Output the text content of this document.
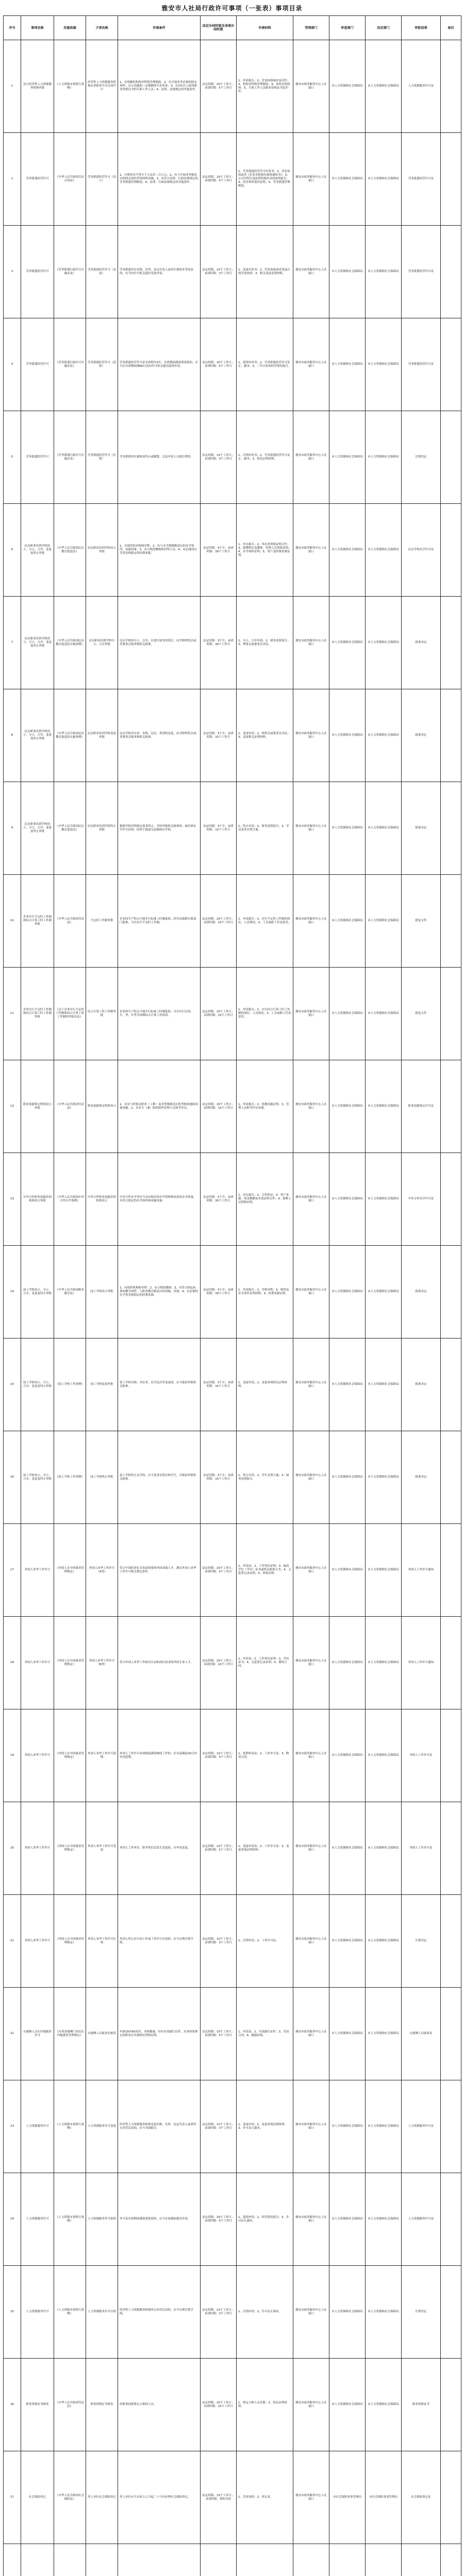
雅安市人社局行政许可事项（一张表）事项目录
序号	事项名称	实施依据	子项名称	申请条件	法定办结时限及承诺办结时限	申请材料	受理部门	审查部门	决定部门	审批结果	备注
1	设立经营性人力资源服务机构审批	《人力资源市场暂行条例》	经营性人力资源服务机构从事职业中介活动许可	1、有明确的机构章程和管理制度；2、有开展业务必备的固定场所、办公设施和一定数额的开办资金；3、有3名以上取得职业资格证书的专职工作人员；4、法律、法规规定的其他条件。	法定时限：20个工作日；承诺时限：5个工作日	1、申请报告；2、营业执照副本复印件；3、机构章程和管理制度；4、场所证明材料；5、专职工作人员职业资格证书复印件。	雅安市政务服务中心人社窗口	市人力资源和社会保障局	市人力资源和社会保障局	人力资源服务许可证	
2	劳务派遣经营许可	《中华人民共和国劳动合同法》	劳务派遣经营许可（设立）	1、注册资本不得少于人民币二百万元；2、有与开展业务相适应的固定的经营场所和设施；3、有符合法律、行政法规规定的劳务派遣管理制度；4、法律、行政法规规定的其他条件。	法定时限：20个工作日；承诺时限：5个工作日	1、劳务派遣经营许可申请书；2、营业执照或者《企业名称预先核准通知书》；3、公司章程以及验资机构出具的验资报告；4、经营场所使用证明；5、劳务派遣管理制度。	雅安市政务服务中心人社窗口	市人力资源和社会保障局	市人力资源和社会保障局	劳务派遣经营许可证	
3	劳务派遣经营许可	《劳务派遣行政许可实施办法》	劳务派遣经营许可（变更）	劳务派遣单位名称、住所、法定代表人或者注册资本等改变的，应当向许可机关提出变更申请。	法定时限：10个工作日；承诺时限：3个工作日	1、变更申请书；2、营业执照或者变更后的营业执照；3、相关变更证明材料。	雅安市政务服务中心人社窗口	市人力资源和社会保障局	市人力资源和社会保障局	劳务派遣经营许可证	
4	劳务派遣经营许可	《劳务派遣行政许可实施办法》	劳务派遣经营许可（延续）	劳务派遣经营许可证有效期为3年，有效期届满需要延续的，应当在有效期届满60日前向许可机关提出延续申请。	法定时限：20个工作日；承诺时限：5个工作日	1、延续申请书；2、劳务派遣经营许可证正、副本；3、三年以来的经营情况报告。	雅安市政务服务中心人社窗口	市人力资源和社会保障局	市人力资源和社会保障局	劳务派遣经营许可证	
5	劳务派遣经营许可	《劳务派遣行政许可实施办法》	劳务派遣经营许可（注销）	劳务派遣单位被依法终止或解散，以及申请人自愿注销的。	法定时限：10个工作日；承诺时限：3个工作日	1、注销申请书；2、劳务派遣经营许可证正、副本；3、相关证明材料。	雅安市政务服务中心人社窗口	市人力资源和社会保障局	市人力资源和社会保障局	注销决定	
6	民办职业培训学校设立、分立、合并、变更及终止审批	《中华人民共和国民办教育促进法》	民办职业培训学校设立审批	1、有规范的名称和章程；2、有与办学规模相适应的办学场所、设施设备；3、有合格的教师和管理人员；4、有必备的办学资金和稳定的经费来源。	法定时限：3个月；承诺时限：30个工作日	1、申办报告；2、举办者资格证明文件；3、拟聘校长及教师、管理人员资格证明；4、办学场所证明；5、资产及经费来源证明。	雅安市政务服务中心人社窗口	市人力资源和社会保障局	市人力资源和社会保障局	民办学校办学许可证	
7	民办职业培训学校设立、分立、合并、变更及终止审批	《中华人民共和国民办教育促进法实施条例》	民办职业培训学校分立、合并审批	民办学校的分立、合并，在进行财务清算后，由学校理事会或者董事会报审批机关批准。	法定时限：3个月；承诺时限：30个工作日	1、分立、合并申请；2、财务清算报告；3、理事会或董事会决议。	雅安市政务服务中心人社窗口	市人力资源和社会保障局	市人力资源和社会保障局	批准决定	
8	民办职业培训学校设立、分立、合并、变更及终止审批	《中华人民共和国民办教育促进法实施条例》	民办职业培训学校变更审批	民办学校举办者、名称、层次、类别的变更，由学校理事会或者董事会报审批机关批准。	法定时限：3个月；承诺时限：15个工作日	1、变更申请；2、理事会或董事会决议；3、变更相关证明材料。	雅安市政务服务中心人社窗口	市人力资源和社会保障局	市人力资源和社会保障局	批准决定	
9	民办职业培训学校设立、分立、合并、变更及终止审批	《中华人民共和国民办教育促进法》	民办职业培训学校终止审批	根据学校章程规定要求终止，并经审批机关批准的；被吊销办学许可证的；因资不抵债无法继续办学的。	法定时限：3个月；承诺时限：15个工作日	1、终止申请；2、财务清算报告；3、学员妥善安置方案。	雅安市政务服务中心人社窗口	市人力资源和社会保障局	市人力资源和社会保障局	批准决定	
10	企业实行不定时工作制和综合计算工时工作制审批	《中华人民共和国劳动法》	不定时工作制审批	企业因生产特点不能实行标准工时制度的，经劳动保障行政部门批准，可以实行不定时工作制。	法定时限：20个工作日；承诺时限：10个工作日	1、申请报告；2、实行不定时工作制的岗位、人员情况；3、工会或职工代表意见。	雅安市政务服务中心人社窗口	市人力资源和社会保障局	市人力资源和社会保障局	批复文件	
11	企业实行不定时工作制和综合计算工时工作制审批	《关于企业实行不定时工作制和综合计算工时工作制的审批办法》	综合计算工时工作制审批	企业因生产特点不能实行标准工时制度的，可以实行以周、月、季、年等为周期综合计算工作时间。	法定时限：20个工作日；承诺时限：10个工作日	1、申请报告；2、实行综合计算工时工作制的岗位、人员情况；3、工会或职工代表意见。	雅安市政务服务中心人社窗口	市人力资源和社会保障局	市人力资源和社会保障局	批复文件	
12	职业技能鉴定机构设立审批	《中华人民共和国劳动法》	职业技能鉴定机构设立	1、具有与所鉴定职业（工种）及其等级相适应的考核场地和设备设施；2、具有专（兼）职的组织管理人员和考评员。	法定时限：20个工作日；承诺时限：10个工作日	1、申请报告；2、场地设施证明；3、管理人员和考评员名册。	雅安市政务服务中心人社窗口	市人力资源和社会保障局	市人力资源和社会保障局	职业技能鉴定许可证	
13	中外合作职业技能培训机构设立审批	《中华人民共和国中外合作办学条例》	中外合作职业技能培训机构设立	中外合作办学者应当具有相应的办学资格和较高的办学质量，有符合规定的办学场所和设施设备。	法定时限：3个月；承诺时限：30个工作日	1、申办报告；2、合作协议；3、资产来源、资金数额及有效证明文件；4、拟聘人员资格证明。	雅安市政务服务中心人社窗口	市人力资源和社会保障局	市人力资源和社会保障局	中外合作办学许可证	
14	技工学校设立、分立、合并、变更及终止审批	《中华人民共和国职业教育法》	技工学校设立审批	1、有组织机构和章程；2、有合格的教师；3、有符合规定标准的教学场所、与职业教育相适应的设施、设备；4、有必备的办学资金和稳定的经费来源。	法定时限：3个月；承诺时限：30个工作日	1、申请报告；2、学校章程；3、师资及办学条件证明材料；4、经费来源证明。	雅安市政务服务中心人社窗口	市人力资源和社会保障局	市人力资源和社会保障局	批准决定	
15	技工学校设立、分立、合并、变更及终止审批	《技工学校工作条例》	技工学校变更审批	技工学校名称、举办者、办学层次等变更的，应当报原审批机关批准。	法定时限：3个月；承诺时限：15个工作日	1、变更申请；2、变更事项相关证明材料。	雅安市政务服务中心人社窗口	市人力资源和社会保障局	市人力资源和社会保障局	批准决定	
16	技工学校设立、分立、合并、变更及终止审批	《技工学校工作条例》	技工学校终止审批	技工学校终止办学的，应当妥善安置在校学生，并报原审批机关批准。	法定时限：3个月；承诺时限：15个工作日	1、终止申请；2、学生安置方案；3、财务清算报告。	雅安市政务服务中心人社窗口	市人力资源和社会保障局	市人力资源和社会保障局	批准决定	
17	外国人来华工作许可	《外国人在中国就业管理规定》	外国人来华工作许可（A类）	符合中国经济社会发展需要的外国高端人才，满足外国人来华工作许可相关规定条件。	法定时限：20个工作日；承诺时限：5个工作日	1、申请表；2、工作资历证明；3、最高学位（学历）证书或相关批准文书；4、无犯罪记录证明；5、体检证明。	雅安市政务服务中心人社窗口	市人力资源和社会保障局	市人力资源和社会保障局	外国人工作许可通知	
18	外国人来华工作许可	《外国人在中国就业管理规定》	外国人来华工作许可（B类）	符合外国人来华工作指导目录和岗位需求的外国专业人才。	法定时限：20个工作日；承诺时限：10个工作日	1、申请表；2、工作资历证明；3、学历证书；4、无犯罪记录证明；5、聘用合同。	雅安市政务服务中心人社窗口	市人力资源和社会保障局	市人力资源和社会保障局	外国人工作许可通知	
19	外国人来华工作许可	《外国人在中国就业管理规定》	外国人来华工作许可延期	外国人工作许可有效期届满需继续工作的，应在届满前30日内申请延期。	法定时限：10个工作日；承诺时限：5个工作日	1、延期申请表；2、工作许可证；3、聘用合同。	雅安市政务服务中心人社窗口	市人力资源和社会保障局	市人力资源和社会保障局	外国人工作许可证	
20	外国人来华工作许可	《外国人在中国就业管理规定》	外国人来华工作许可变更	外国人工作单位、职务等信息发生变更的，应申请变更。	法定时限：10个工作日；承诺时限：5个工作日	1、变更申请表；2、工作许可证；3、变更事项证明材料。	雅安市政务服务中心人社窗口	市人力资源和社会保障局	市人力资源和社会保障局	外国人工作许可证	
21	外国人来华工作许可	《外国人在中国就业管理规定》	外国人来华工作许可注销	外国人终止在中国工作或工作许可失效的，应当办理注销手续。	法定时限：10个工作日；承诺时限：3个工作日	1、注销申请；2、工作许可证。	雅安市政务服务中心人社窗口	市人力资源和社会保障局	市人力资源和社会保障局	注销决定	
22	台港澳人员在内地就业许可	《台湾香港澳门居民在内地就业管理规定》	台港澳人员就业证核发	年龄18至60周岁，身体健康，持有有效旅行证件，从事国家规定的职业应具备相应资格证明。	法定时限：10个工作日；承诺时限：5个工作日	1、申请表；2、有效旅行证件；3、劳动合同；4、健康证明。	雅安市政务服务中心人社窗口	市人力资源和社会保障局	市人力资源和社会保障局	台港澳人员就业证	
23	人力资源服务许可	《人力资源市场暂行条例》	人力资源服务许可变更	经营性人力资源服务机构变更名称、住所、法定代表人或者终止经营活动的，应当书面报告。	法定时限：10个工作日；承诺时限：3个工作日	1、变更申请；2、变更事项证明材料；3、许可证正副本。	雅安市政务服务中心人社窗口	市人力资源和社会保障局	市人力资源和社会保障局	人力资源服务许可证	
24	人力资源服务许可	《人力资源市场暂行条例》	人力资源服务许可延续	许可证有效期届满需要延续的，应当在届满前提出申请。	法定时限：20个工作日；承诺时限：5个工作日	1、延续申请；2、经营情况报告；3、许可证正副本。	雅安市政务服务中心人社窗口	市人力资源和社会保障局	市人力资源和社会保障局	人力资源服务许可证	
25	人力资源服务许可	《人力资源市场暂行条例》	人力资源服务许可注销	经营性人力资源服务机构终止经营活动的，应当办理注销手续。	法定时限：10个工作日；承诺时限：3个工作日	1、注销申请；2、许可证正副本。	雅安市政务服务中心人社窗口	市人力资源和社会保障局	市人力资源和社会保障局	注销决定	
26	职业资格证书核发	《中华人民共和国劳动法》	职业资格证书核发	经职业技能鉴定合格的人员。	法定时限：20个工作日；承诺时限：10个工作日	1、鉴定合格人员名册；2、相关证明材料。	雅安市政务服务中心人社窗口	市人力资源和社会保障局	市人力资源和社会保障局	职业资格证书	
27	社会保险登记	《中华人民共和国社会保险法》	用人单位社会保险登记	用人单位应当自成立之日起三十日内办理社会保险登记。	法定时限：15个工作日；承诺时限：即时办结	1、营业执照；2、登记表。	雅安市政务服务中心人社窗口	市社会保险事业管理局	市社会保险事业管理局	社会保险登记证	
